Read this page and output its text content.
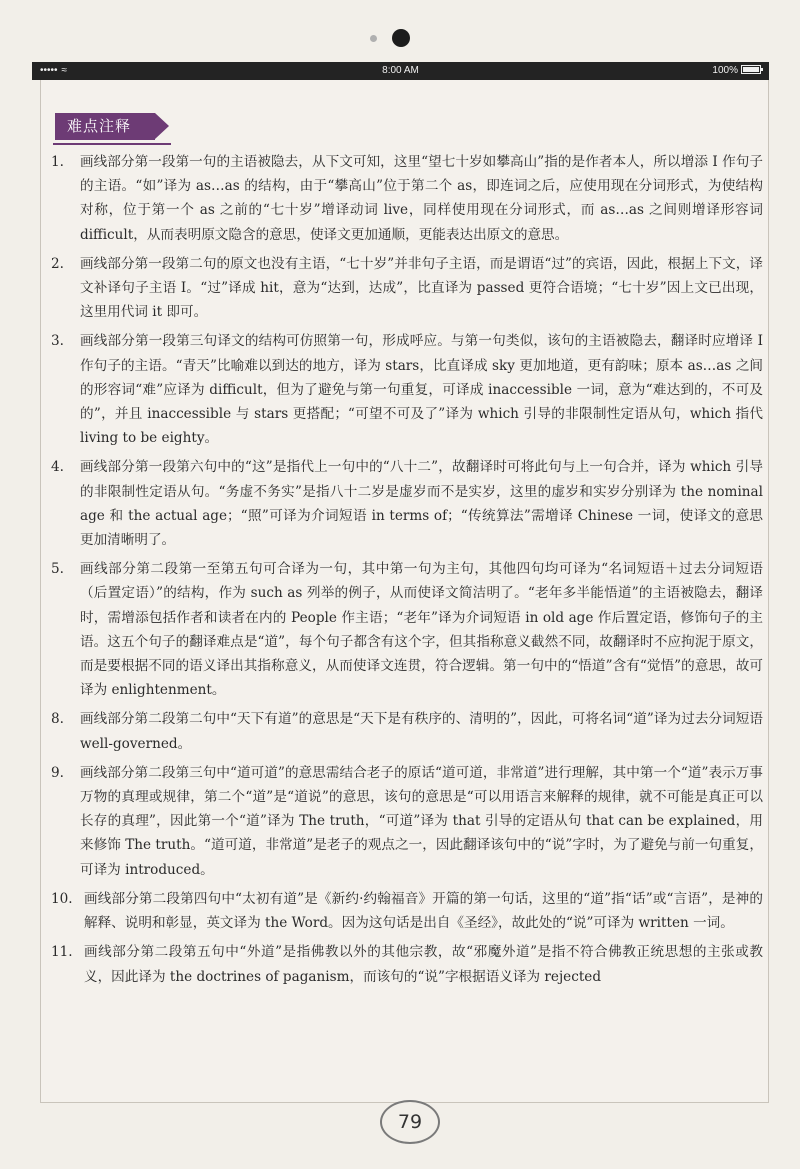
••••• ≈	8:00 AM	100%
难点注释
1. 画线部分第一段第一句的主语被隐去，从下文可知，这里“望七十岁如攀高山”指的是作者本人，所以增添 I 作句子的主语。“如”译为 as…as 的结构，由于“攀高山”位于第二个 as，即连词之后，应使用现在分词形式，为使结构对称，位于第一个 as 之前的“七十岁”增译动词 live，同样使用现在分词形式，而 as…as 之间则增译形容词 difficult，从而表明原文隐含的意思，使译文更加通顺，更能表达出原文的意思。
2. 画线部分第一段第二句的原文也没有主语，“七十岁”并非句子主语，而是谓语“过”的宾语，因此，根据上下文，译文补译句子主语 I。“过”译成 hit，意为“达到，达成”，比直译为 passed 更符合语境；“七十岁”因上文已出现，这里用代词 it 即可。
3. 画线部分第一段第三句译文的结构可仿照第一句，形成呼应。与第一句类似，该句的主语被隐去，翻译时应增译 I 作句子的主语。“青天”比喻难以到达的地方，译为 stars，比直译成 sky 更加地道，更有韵味；原本 as…as 之间的形容词“难”应译为 difficult，但为了避免与第一句重复，可译成 inaccessible 一词，意为“难达到的，不可及的”，并且 inaccessible 与 stars 更搭配；“可望不可及了”译为 which 引导的非限制性定语从句，which 指代 living to be eighty。
4. 画线部分第一段第六句中的“这”是指代上一句中的“八十二”，故翻译时可将此句与上一句合并，译为 which 引导的非限制性定语从句。“务虚不务实”是指八十二岁是虚岁而不是实岁，这里的虚岁和实岁分别译为 the nominal age 和 the actual age；“照”可译为介词短语 in terms of；“传统算法”需增译 Chinese 一词，使译文的意思更加清晰明了。
5. 画线部分第二段第一至第五句可合译为一句，其中第一句为主句，其他四句均可译为“名词短语＋过去分词短语（后置定语）”的结构，作为 such as 列举的例子，从而使译文简洁明了。“老年多半能悟道”的主语被隐去，翻译时，需增添包括作者和读者在内的 People 作主语；“老年”译为介词短语 in old age 作后置定语，修饰句子的主语。这五个句子的翻译难点是“道”，每个句子都含有这个字，但其指称意义截然不同，故翻译时不应拘泥于原文，而是要根据不同的语义译出其指称意义，从而使译文连贯，符合逻辑。第一句中的“悟道”含有“觉悟”的意思，故可译为 enlightenment。
8. 画线部分第二段第二句中“天下有道”的意思是“天下是有秩序的、清明的”，因此，可将名词“道”译为过去分词短语 well-governed。
9. 画线部分第二段第三句中“道可道”的意思需结合老子的原话“道可道，非常道”进行理解，其中第一个“道”表示万事万物的真理或规律，第二个“道”是“道说”的意思，该句的意思是“可以用语言来解释的规律，就不可能是真正可以长存的真理”，因此第一个“道”译为 The truth，“可道”译为 that 引导的定语从句 that can be explained，用来修饰 The truth。“道可道，非常道”是老子的观点之一，因此翻译该句中的“说”字时，为了避免与前一句重复，可译为 introduced。
10. 画线部分第二段第四句中“太初有道”是《新约·约翰福音》开篇的第一句话，这里的“道”指“话”或“言语”，是神的解释、说明和彰显，英文译为 the Word。因为这句话是出自《圣经》，故此处的“说”可译为 written 一词。
11. 画线部分第二段第五句中“外道”是指佛教以外的其他宗教，故“邪魔外道”是指不符合佛教正统思想的主张或教义，因此译为 the doctrines of paganism，而该句的“说”字根据语义译为 rejected
79
